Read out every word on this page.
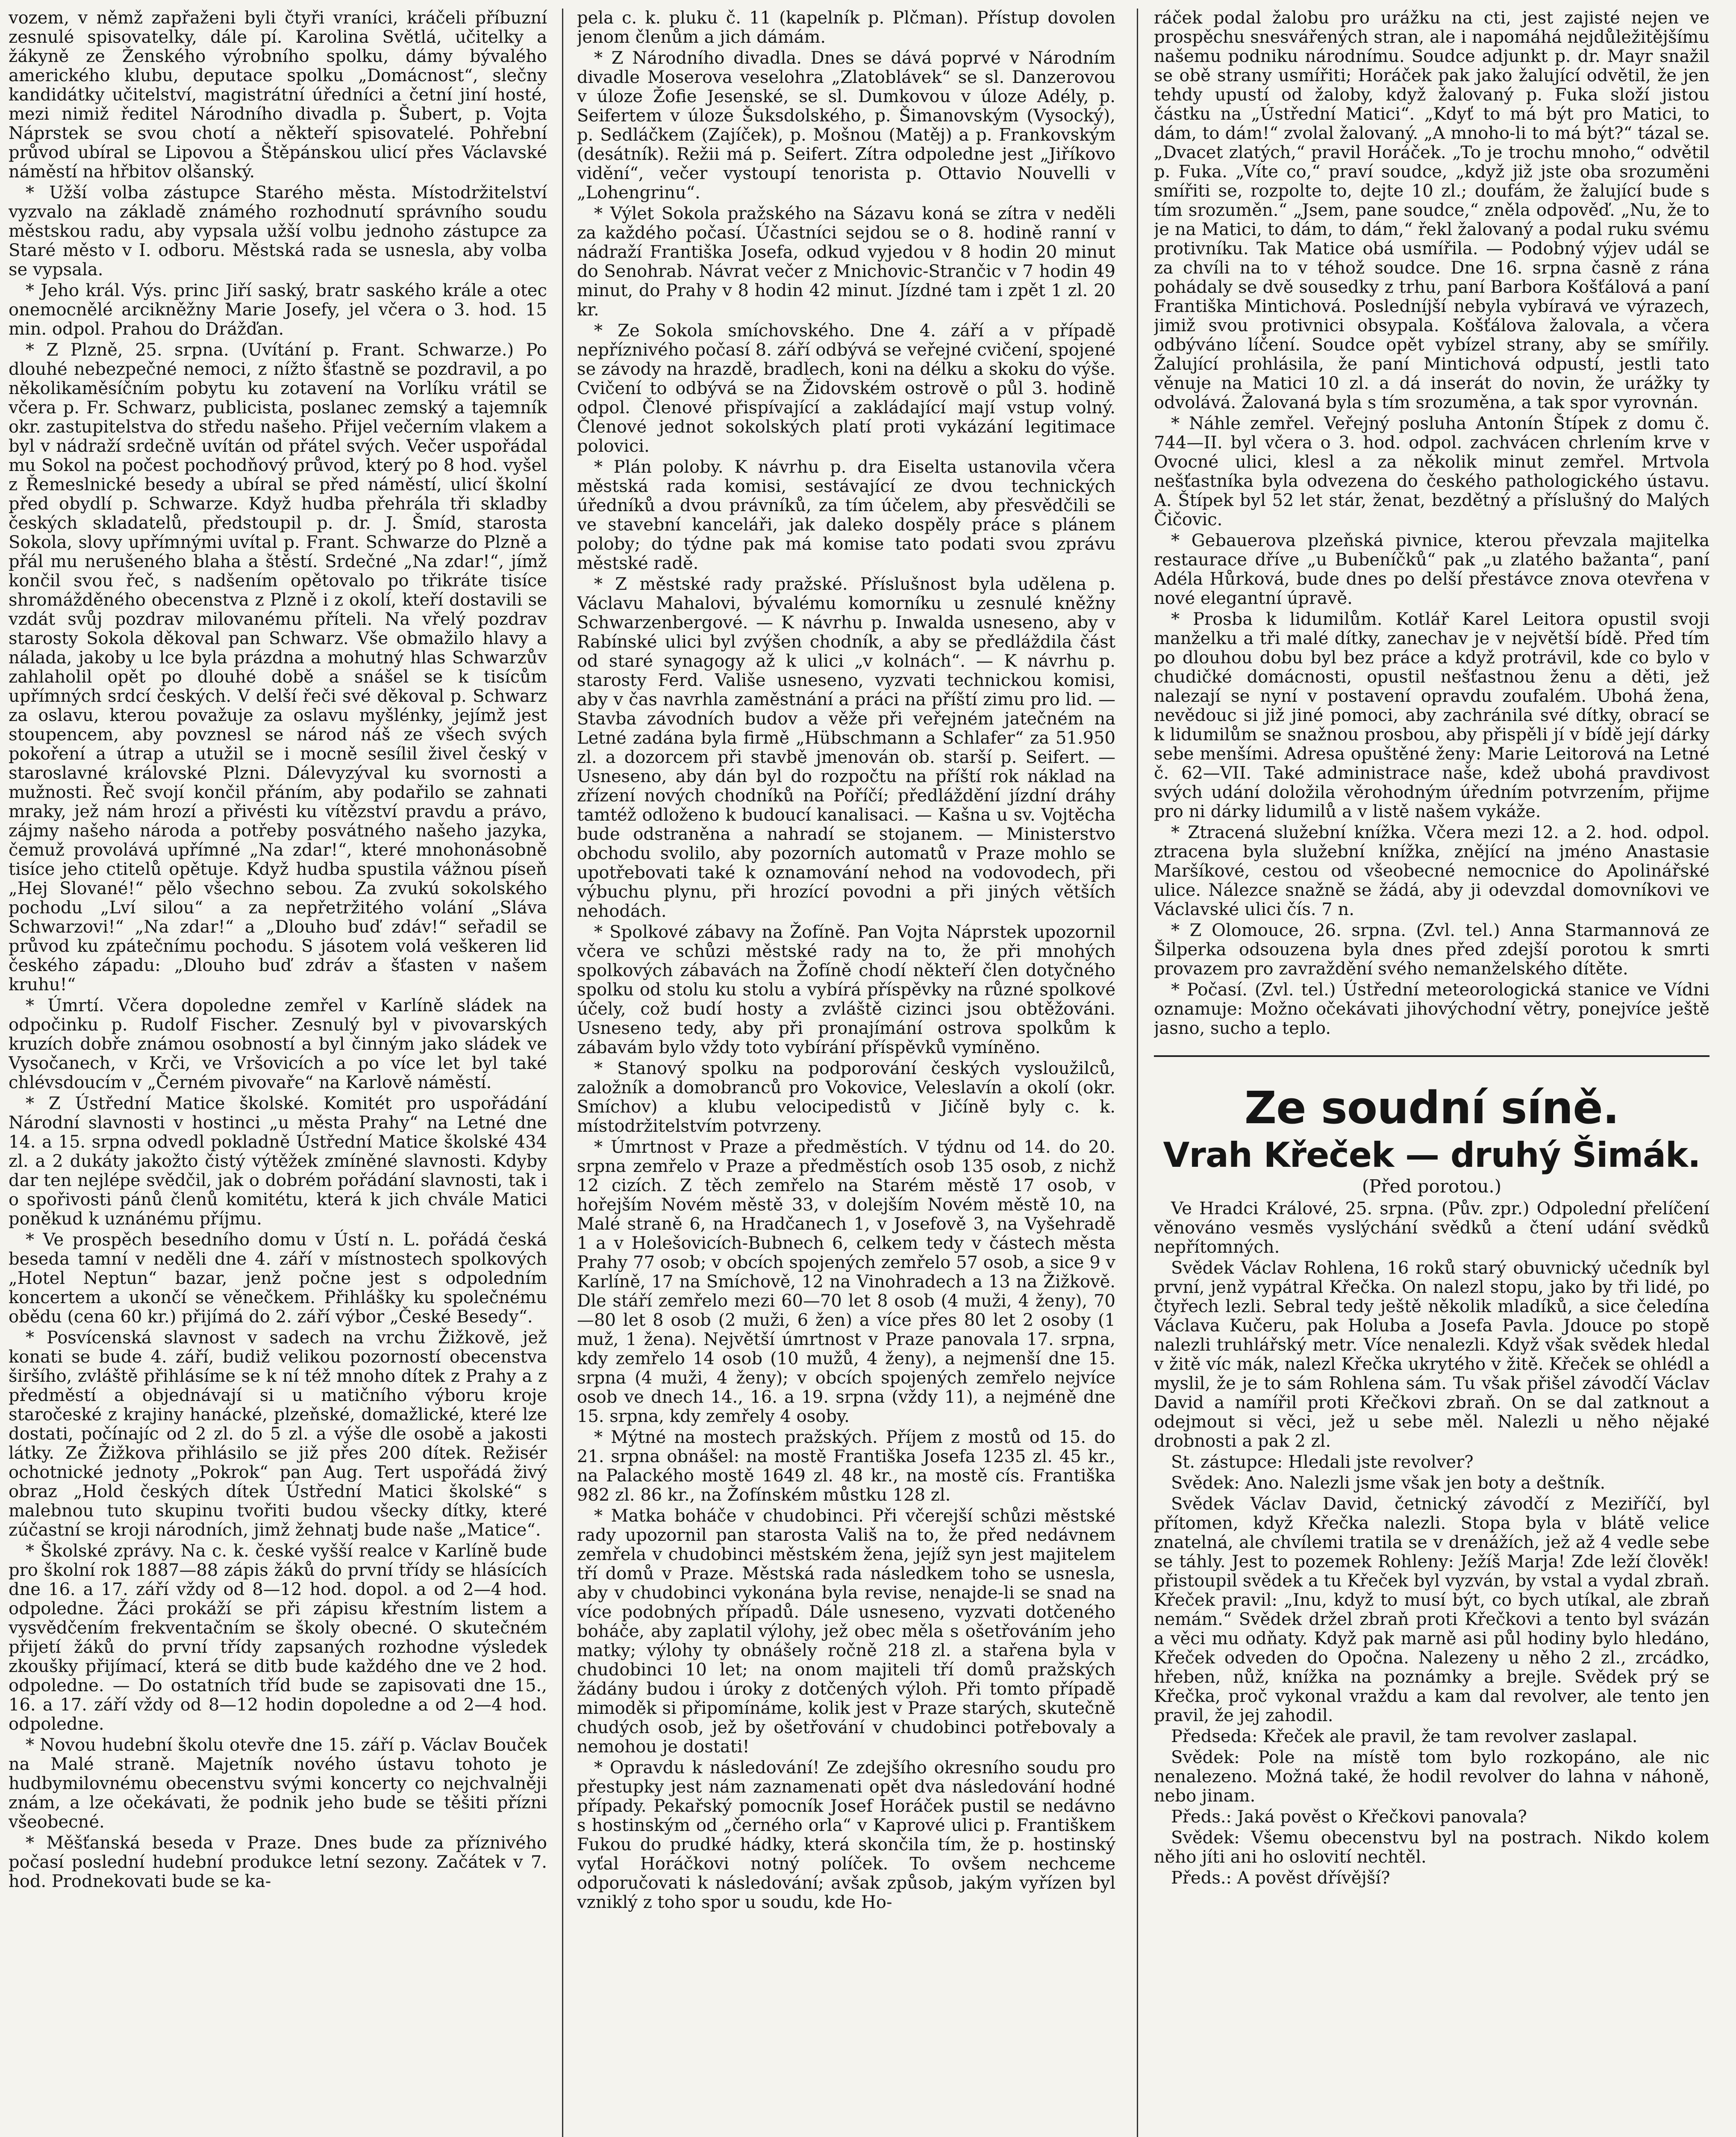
vozem, v němž zapřaženi byli čtyři vraníci, kráčeli příbuzní zesnulé spisovatelky, dále pí. Karolina Světlá, učitelky a žákyně ze Ženského výrobního spolku, dámy bývalého amerického klubu, deputace spolku „Domácnost“, slečny kandidátky učitelství, magistrátní úředníci a četní jiní hosté, mezi nimiž ředitel Národního divadla p. Šubert, p. Vojta Náprstek se svou chotí a někteří spisovatelé. Pohřební průvod ubíral se Lipovou a Štěpánskou ulicí přes Václavské náměstí na hřbitov olšanský.

* Užší volba zástupce Starého města. Místodržitelství vyzvalo na základě známého rozhodnutí správního soudu městskou radu, aby vypsala užší volbu jednoho zástupce za Staré město v I. odboru. Městská rada se usnesla, aby volba se vypsala.

* Jeho král. Výs. princ Jiří saský, bratr saského krále a otec onemocnělé arcikněžny Marie Josefy, jel včera o 3. hod. 15 min. odpol. Prahou do Drážďan.

* Z Plzně, 25. srpna. (Uvítání p. Frant. Schwarze.) Po dlouhé nebezpečné nemoci, z nížto šťastně se pozdravil, a po několikaměsíčním pobytu ku zotavení na Vorlíku vrátil se včera p. Fr. Schwarz, publicista, poslanec zemský a tajemník okr. zastupitelstva do středu našeho. Přijel večerním vlakem a byl v nádraží srdečně uvítán od přátel svých. Večer uspořádal mu Sokol na počest pochodňový průvod, který po 8 hod. vyšel z Řemeslnické besedy a ubíral se před náměstí, ulicí školní před obydlí p. Schwarze. Když hudba přehrála tři skladby českých skladatelů, předstoupil p. dr. J. Šmíd, starosta Sokola, slovy upřímnými uvítal p. Frant. Schwarze do Plzně a přál mu nerušeného blaha a štěstí. Srdečné „Na zdar!“, jímž končil svou řeč, s nadšením opětovalo po třikráte tisíce shromážděného obecenstva z Plzně i z okolí, kteří dostavili se vzdát svůj pozdrav milovanému příteli. Na vřelý pozdrav starosty Sokola děkoval pan Schwarz. Vše obmažilo hlavy a nálada, jakoby u lce byla prázdna a mohutný hlas Schwarzův zahlaholil opět po dlouhé době a snášel se k tisícům upřímných srdcí českých. V delší řeči své děkoval p. Schwarz za oslavu, kterou považuje za oslavu myšlénky, jejímž jest stoupencem, aby povznesl se národ náš ze všech svých pokoření a útrap a utužil se i mocně sesílil živel český v staroslavné královské Plzni. Dálevyzýval ku svornosti a mužnosti. Řeč svojí končil přáním, aby podařilo se zahnati mraky, jež nám hrozí a přivésti ku vítězství pravdu a právo, zájmy našeho národa a potřeby posvátného našeho jazyka, čemuž provolává upřímné „Na zdar!“, které mnohonásobně tisíce jeho ctitelů opětuje. Když hudba spustila vážnou píseň „Hej Slované!“ pělo všechno sebou. Za zvukú sokolského pochodu „Lví silou“ a za nepřetržitého volání „Sláva Schwarzovi!“ „Na zdar!“ a „Dlouho buď zdáv!“ seřadil se průvod ku zpátečnímu pochodu. S jásotem volá veškeren lid českého západu: „Dlouho buď zdráv a šťasten v našem kruhu!“

* Úmrtí. Včera dopoledne zemřel v Karlíně sládek na odpočinku p. Rudolf Fischer. Zesnulý byl v pivovarských kruzích dobře známou osobností a byl činným jako sládek ve Vysočanech, v Krči, ve Vršovicích a po více let byl také chlévsdoucím v „Černém pivovaře“ na Karlově náměstí.

* Z Ústřední Matice školské. Komitét pro uspořádání Národní slavnosti v hostinci „u města Prahy“ na Letné dne 14. a 15. srpna odvedl pokladně Ústřední Matice školské 434 zl. a 2 dukáty jakožto čistý výtěžek zmíněné slavnosti. Kdyby dar ten nejlépe svědčil, jak o dobrém pořádání slavnosti, tak i o spořivosti pánů členů komitétu, která k jich chvále Matici poněkud k uznánému příjmu.

* Ve prospěch besedního domu v Ústí n. L. pořádá česká beseda tamní v neděli dne 4. září v místnostech spolkových „Hotel Neptun“ bazar, jenž počne jest s odpoledním koncertem a ukončí se věnečkem. Přihlášky ku společnému obědu (cena 60 kr.) přijímá do 2. září výbor „České Besedy“.

* Posvícenská slavnost v sadech na vrchu Žižkově, jež konati se bude 4. září, budiž velikou pozorností obecenstva širšího, zvláště přihlásíme se k ní též mnoho dítek z Prahy a z předměstí a objednávají si u matičního výboru kroje staročeské z krajiny hanácké, plzeňské, domažlické, které lze dostati, počínajíc od 2 zl. do 5 zl. a výše dle osobě a jakosti látky. Ze Žižkova přihlásilo se již přes 200 dítek. Režisér ochotnické jednoty „Pokrok“ pan Aug. Tert uspořádá živý obraz „Hold českých dítek Ústřední Matici školské“ s malebnou tuto skupinu tvořiti budou všecky dítky, které zúčastní se kroji národních, jimž žehnatj bude naše „Matice“.

* Školské zprávy. Na c. k. české vyšší realce v Karlíně bude pro školní rok 1887—88 zápis žáků do první třídy se hlásících dne 16. a 17. září vždy od 8—12 hod. dopol. a od 2—4 hod. odpoledne. Žáci prokáží se při zápisu křestním listem a vysvědčením frekventačním se školy obecné. O skutečném přijetí žáků do první třídy zapsaných rozhodne výsledek zkoušky přijímací, která se ditb bude každého dne ve 2 hod. odpoledne. — Do ostatních tříd bude se zapisovati dne 15., 16. a 17. září vždy od 8—12 hodin dopoledne a od 2—4 hod. odpoledne.

* Novou hudební školu otevře dne 15. září p. Václav Bouček na Malé straně. Majetník nového ústavu tohoto je hudbymilovnému obecenstvu svými koncerty co nejchvalněji znám, a lze očekávati, že podnik jeho bude se těšiti přízni všeobecné.

* Měšťanská beseda v Praze. Dnes bude za příznivého počasí poslední hudební produkce letní sezony. Začátek v 7. hod. Prodnekovati bude se ka-

pela c. k. pluku č. 11 (kapelník p. Plčman). Přístup dovolen jenom členům a jich dámám.

* Z Národního divadla. Dnes se dává poprvé v Národním divadle Moserova veselohra „Zlatoblávek“ se sl. Danzerovou v úloze Žofie Jesenské, se sl. Dumkovou v úloze Adély, p. Seifertem v úloze Šuksdolského, p. Šimanovským (Vysocký), p. Sedláčkem (Zajíček), p. Mošnou (Matěj) a p. Frankovským (desátník). Režii má p. Seifert. Zítra odpoledne jest „Jiříkovo vidění“, večer vystoupí tenorista p. Ottavio Nouvelli v „Lohengrinu“.

* Výlet Sokola pražského na Sázavu koná se zítra v neděli za každého počasí. Účastníci sejdou se o 8. hodině ranní v nádraží Františka Josefa, odkud vyjedou v 8 hodin 20 minut do Senohrab. Návrat večer z Mnichovic-Strančic v 7 hodin 49 minut, do Prahy v 8 hodin 42 minut. Jízdné tam i zpět 1 zl. 20 kr.

* Ze Sokola smíchovského. Dne 4. září a v případě nepříznivého počasí 8. září odbývá se veřejné cvičení, spojené se závody na hrazdě, bradlech, koni na délku a skoku do výše. Cvičení to odbývá se na Židovském ostrově o půl 3. hodině odpol. Členové přispívající a zakládající mají vstup volný. Členové jednot sokolských platí proti vykázání legitimace polovici.

* Plán poloby. K návrhu p. dra Eiselta ustanovila včera městská rada komisi, sestávající ze dvou technických úředníků a dvou právníků, za tím účelem, aby přesvědčili se ve stavební kanceláři, jak daleko dospěly práce s plánem poloby; do týdne pak má komise tato podati svou zprávu městské radě.

* Z městské rady pražské. Příslušnost byla udělena p. Václavu Mahalovi, bývalému komorníku u zesnulé kněžny Schwarzenbergové. — K návrhu p. Inwalda usneseno, aby v Rabínské ulici byl zvýšen chodník, a aby se předláždila část od staré synagogy až k ulici „v kolnách“. — K návrhu p. starosty Ferd. Vališe usneseno, vyzvati technickou komisi, aby v čas navrhla zaměstnání a práci na příští zimu pro lid. — Stavba závodních budov a věže při veřejném jatečném na Letné zadána byla firmě „Hübschmann a Schlafer“ za 51.950 zl. a dozorcem při stavbě jmenován ob. starší p. Seifert. — Usneseno, aby dán byl do rozpočtu na příští rok náklad na zřízení nových chodníků na Poříčí; předláždění jízdní dráhy tamtéž odloženo k budoucí kanalisaci. — Kašna u sv. Vojtěcha bude odstraněna a nahradí se stojanem. — Ministerstvo obchodu svolilo, aby pozorních automatů v Praze mohlo se upotřebovati také k oznamování nehod na vodovodech, při výbuchu plynu, při hrozící povodni a při jiných větších nehodách.

* Spolkové zábavy na Žofíně. Pan Vojta Náprstek upozornil včera ve schůzi městské rady na to, že při mnohých spolkových zábavách na Žofíně chodí někteří člen dotyčného spolku od stolu ku stolu a vybírá příspěvky na různé spolkové účely, což budí hosty a zvláště cizinci jsou obtěžováni. Usneseno tedy, aby při pronajímání ostrova spolkům k zábavám bylo vždy toto vybírání příspěvků vymíněno.

* Stanový spolku na podporování českých vysloužilců, založník a domobranců pro Vokovice, Veleslavín a okolí (okr. Smíchov) a klubu velocipedistů v Jičíně byly c. k. místodržitelstvím potvrzeny.

* Úmrtnost v Praze a předměstích. V týdnu od 14. do 20. srpna zemřelo v Praze a předměstích osob 135 osob, z nichž 12 cizích. Z těch zemřelo na Starém městě 17 osob, v hořejším Novém městě 33, v dolejším Novém městě 10, na Malé straně 6, na Hradčanech 1, v Josefově 3, na Vyšehradě 1 a v Holešovicích-Bubnech 6, celkem tedy v částech města Prahy 77 osob; v obcích spojených zemřelo 57 osob, a sice 9 v Karlíně, 17 na Smíchově, 12 na Vinohradech a 13 na Žižkově. Dle stáří zemřelo mezi 60—70 let 8 osob (4 muži, 4 ženy), 70—80 let 8 osob (2 muži, 6 žen) a více přes 80 let 2 osoby (1 muž, 1 žena). Největší úmrtnost v Praze panovala 17. srpna, kdy zemřelo 14 osob (10 mužů, 4 ženy), a nejmenší dne 15. srpna (4 muži, 4 ženy); v obcích spojených zemřelo nejvíce osob ve dnech 14., 16. a 19. srpna (vždy 11), a nejméně dne 15. srpna, kdy zemřely 4 osoby.

* Mýtné na mostech pražských. Příjem z mostů od 15. do 21. srpna obnášel: na mostě Františka Josefa 1235 zl. 45 kr., na Palackého mostě 1649 zl. 48 kr., na mostě cís. Františka 982 zl. 86 kr., na Žofínském můstku 128 zl.

* Matka boháče v chudobinci. Při včerejší schůzi městské rady upozornil pan starosta Vališ na to, že před nedávnem zemřela v chudobinci městském žena, jejíž syn jest majitelem tří domů v Praze. Městská rada následkem toho se usnesla, aby v chudobinci vykonána byla revise, nenajde-li se snad na více podobných případů. Dále usneseno, vyzvati dotčeného boháče, aby zaplatil výlohy, jež obec měla s ošetřováním jeho matky; výlohy ty obnášely ročně 218 zl. a stařena byla v chudobinci 10 let; na onom majiteli tří domů pražských žádány budou i úroky z dotčených výloh. Při tomto případě mimoděk si připomínáme, kolik jest v Praze starých, skutečně chudých osob, jež by ošetřování v chudobinci potřebovaly a nemohou je dostati!

* Opravdu k následování! Ze zdejšího okresního soudu pro přestupky jest nám zaznamenati opět dva následování hodné případy. Pekařský pomocník Josef Horáček pustil se nedávno s hostinským od „černého orla“ v Kaprové ulici p. Františkem Fukou do prudké hádky, která skončila tím, že p. hostinský vyťal Horáčkovi notný políček. To ovšem nechceme odporučovati k následování; avšak způsob, jakým vyřízen byl vzniklý z toho spor u soudu, kde Ho-

ráček podal žalobu pro urážku na cti, jest zajisté nejen ve prospěchu snesvářených stran, ale i napomáhá nejdůležitějšímu našemu podniku národnímu. Soudce adjunkt p. dr. Mayr snažil se obě strany usmířiti; Horáček pak jako žalující odvětil, že jen tehdy upustí od žaloby, když žalovaný p. Fuka složí jistou částku na „Ústřední Matici“. „Kdyť to má být pro Matici, to dám, to dám!“ zvolal žalovaný. „A mnoho-li to má být?“ tázal se. „Dvacet zlatých,“ pravil Horáček. „To je trochu mnoho,“ odvětil p. Fuka. „Víte co,“ praví soudce, „když již jste oba srozuměni smířiti se, rozpolte to, dejte 10 zl.; doufám, že žalující bude s tím srozuměn.“ „Jsem, pane soudce,“ zněla odpověď. „Nu, že to je na Matici, to dám, to dám,“ řekl žalovaný a podal ruku svému protivníku. Tak Matice obá usmířila. — Podobný výjev udál se za chvíli na to v téhož soudce. Dne 16. srpna časně z rána pohádaly se dvě sousedky z trhu, paní Barbora Košťálová a paní Františka Mintichová. Posledníjší nebyla vybíravá ve výrazech, jimiž svou protivnici obsypala. Košťálova žalovala, a včera odbýváno líčení. Soudce opět vybízel strany, aby se smířily. Žalující prohlásila, že paní Mintichová odpustí, jestli tato věnuje na Matici 10 zl. a dá inserát do novin, že urážky ty odvolává. Žalovaná byla s tím srozuměna, a tak spor vyrovnán.

* Náhle zemřel. Veřejný posluha Antonín Štípek z domu č. 744—II. byl včera o 3. hod. odpol. zachvácen chrlením krve v Ovocné ulici, klesl a za několik minut zemřel. Mrtvola nešťastníka byla odvezena do českého pathologického ústavu. A. Štípek byl 52 let stár, ženat, bezdětný a příslušný do Malých Čičovic.

* Gebauerova plzeňská pivnice, kterou převzala majitelka restaurace dříve „u Bubeníčků“ pak „u zlatého bažanta“, paní Adéla Hůrková, bude dnes po delší přestávce znova otevřena v nové elegantní úpravě.

* Prosba k lidumilům. Kotlář Karel Leitora opustil svoji manželku a tři malé dítky, zanechav je v největší bídě. Před tím po dlouhou dobu byl bez práce a když protrávil, kde co bylo v chudičké domácnosti, opustil nešťastnou ženu a děti, jež nalezají se nyní v postavení opravdu zoufalém. Ubohá žena, nevědouc si již jiné pomoci, aby zachránila své dítky, obrací se k lidumilům se snažnou prosbou, aby přispěli jí v bídě její dárky sebe menšími. Adresa opuštěné ženy: Marie Leitorová na Letné č. 62—VII. Také administrace naše, kdež ubohá pravdivost svých udání doložila věrohodným úředním potvrzením, přijme pro ni dárky lidumilů a v listě našem vykáže.

* Ztracená služební knížka. Včera mezi 12. a 2. hod. odpol. ztracena byla služební knížka, znějící na jméno Anastasie Maršíkové, cestou od všeobecné nemocnice do Apolinářské ulice. Nálezce snažně se žádá, aby ji odevzdal domovníkovi ve Václavské ulici čís. 7 n.

* Z Olomouce, 26. srpna. (Zvl. tel.) Anna Starmannová ze Šilperka odsouzena byla dnes před zdejší porotou k smrti provazem pro zavraždění svého nemanželského dítěte.

* Počasí. (Zvl. tel.) Ústřední meteorologická stanice ve Vídni oznamuje: Možno očekávati jihovýchodní větry, ponejvíce ještě jasno, sucho a teplo.

Ze soudní síně.
Vrah Křeček — druhý Šimák.
(Před porotou.)

Ve Hradci Králové, 25. srpna. (Pův. zpr.) Odpolední přelíčení věnováno vesměs vyslýchání svědků a čtení udání svědků nepřítomných.

Svědek Václav Rohlena, 16 roků starý obuvnický učedník byl první, jenž vypátral Křečka. On nalezl stopu, jako by tři lidé, po čtyřech lezli. Sebral tedy ještě několik mladíků, a sice čeledína Václava Kučeru, pak Holuba a Josefa Pavla. Jdouce po stopě nalezli truhlářský metr. Více nenalezli. Když však svědek hledal v žitě víc mák, nalezl Křečka ukrytého v žitě. Křeček se ohlédl a myslil, že je to sám Rohlena sám. Tu však přišel závodčí Václav David a namířil proti Křečkovi zbraň. On se dal zatknout a odejmout si věci, jež u sebe měl. Nalezli u něho nějaké drobnosti a pak 2 zl.

St. zástupce: Hledali jste revolver?

Svědek: Ano. Nalezli jsme však jen boty a deštník.

Svědek Václav David, četnický závodčí z Meziříčí, byl přítomen, když Křečka nalezli. Stopa byla v blátě velice znatelná, ale chvílemi tratila se v drenážích, jež až 4 vedle sebe se táhly. Jest to pozemek Rohleny: Ježíš Marja! Zde leží člověk! přistoupil svědek a tu Křeček byl vyzván, by vstal a vydal zbraň. Křeček pravil: „Inu, když to musí být, co bych utíkal, ale zbraň nemám.“ Svědek držel zbraň proti Křečkovi a tento byl svázán a věci mu odňaty. Když pak marně asi půl hodiny bylo hledáno, Křeček odveden do Opočna. Nalezeny u něho 2 zl., zrcádko, hřeben, nůž, knížka na poznámky a brejle. Svědek prý se Křečka, proč vykonal vraždu a kam dal revolver, ale tento jen pravil, že jej zahodil.

Předseda: Křeček ale pravil, že tam revolver zaslapal.

Svědek: Pole na místě tom bylo rozkopáno, ale nic nenalezeno. Možná také, že hodil revolver do lahna v náhoně, nebo jinam.

Předs.: Jaká pověst o Křečkovi panovala?

Svědek: Všemu obecenstvu byl na postrach. Nikdo kolem něho jíti ani ho oslovití nechtěl.

Předs.: A pověst dřívější?
